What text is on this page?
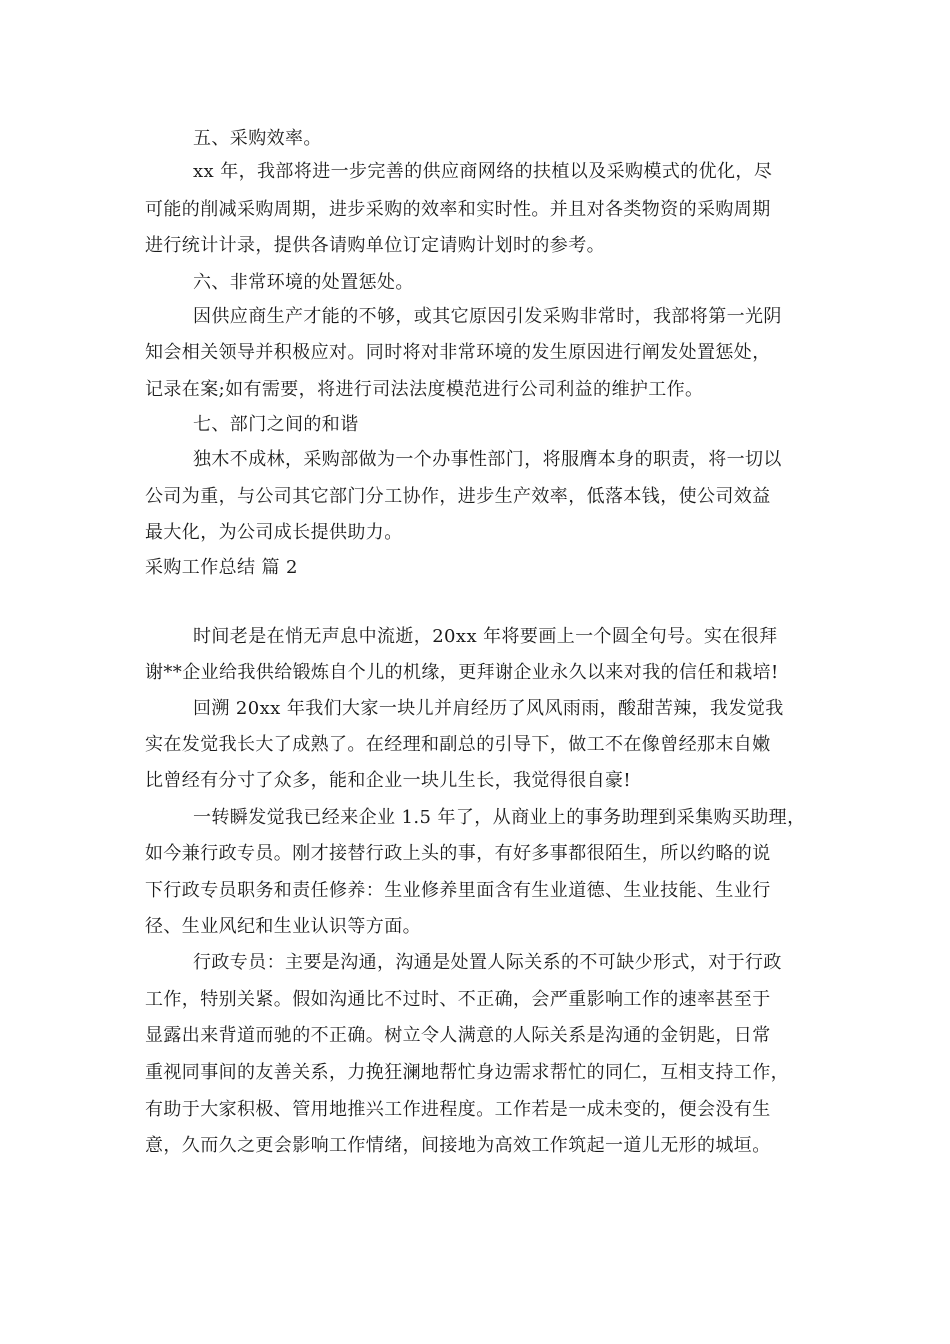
五、采购效率。
xx 年，我部将进一步完善的供应商网络的扶植以及采购模式的优化，尽
可能的削减采购周期，进步采购的效率和实时性。并且对各类物资的采购周期
进行统计计录，提供各请购单位订定请购计划时的参考。
六、非常环境的处置惩处。
因供应商生产才能的不够，或其它原因引发采购非常时，我部将第一光阴
知会相关领导并积极应对。同时将对非常环境的发生原因进行阐发处置惩处，
记录在案;如有需要，将进行司法法度模范进行公司利益的维护工作。
七、部门之间的和谐
独木不成林，采购部做为一个办事性部门，将服膺本身的职责，将一切以
公司为重，与公司其它部门分工协作，进步生产效率，低落本钱，使公司效益
最大化，为公司成长提供助力。
采购工作总结 篇 2
时间老是在悄无声息中流逝，20xx 年将要画上一个圆全句号。实在很拜
谢**企业给我供给锻炼自个儿的机缘，更拜谢企业永久以来对我的信任和栽培!
回溯 20xx 年我们大家一块儿并肩经历了风风雨雨，酸甜苦辣，我发觉我
实在发觉我长大了成熟了。在经理和副总的引导下，做工不在像曾经那末自嫩
比曾经有分寸了众多，能和企业一块儿生长，我觉得很自豪!
一转瞬发觉我已经来企业 1.5 年了，从商业上的事务助理到采集购买助理，
如今兼行政专员。刚才接替行政上头的事，有好多事都很陌生，所以约略的说
下行政专员职务和责任修养：生业修养里面含有生业道德、生业技能、生业行
径、生业风纪和生业认识等方面。
行政专员：主要是沟通，沟通是处置人际关系的不可缺少形式，对于行政
工作，特别关紧。假如沟通比不过时、不正确，会严重影响工作的速率甚至于
显露出来背道而驰的不正确。树立令人满意的人际关系是沟通的金钥匙，日常
重视同事间的友善关系，力挽狂澜地帮忙身边需求帮忙的同仁，互相支持工作，
有助于大家积极、管用地推兴工作进程度。工作若是一成未变的，便会没有生
意，久而久之更会影响工作情绪，间接地为高效工作筑起一道儿无形的城垣。
